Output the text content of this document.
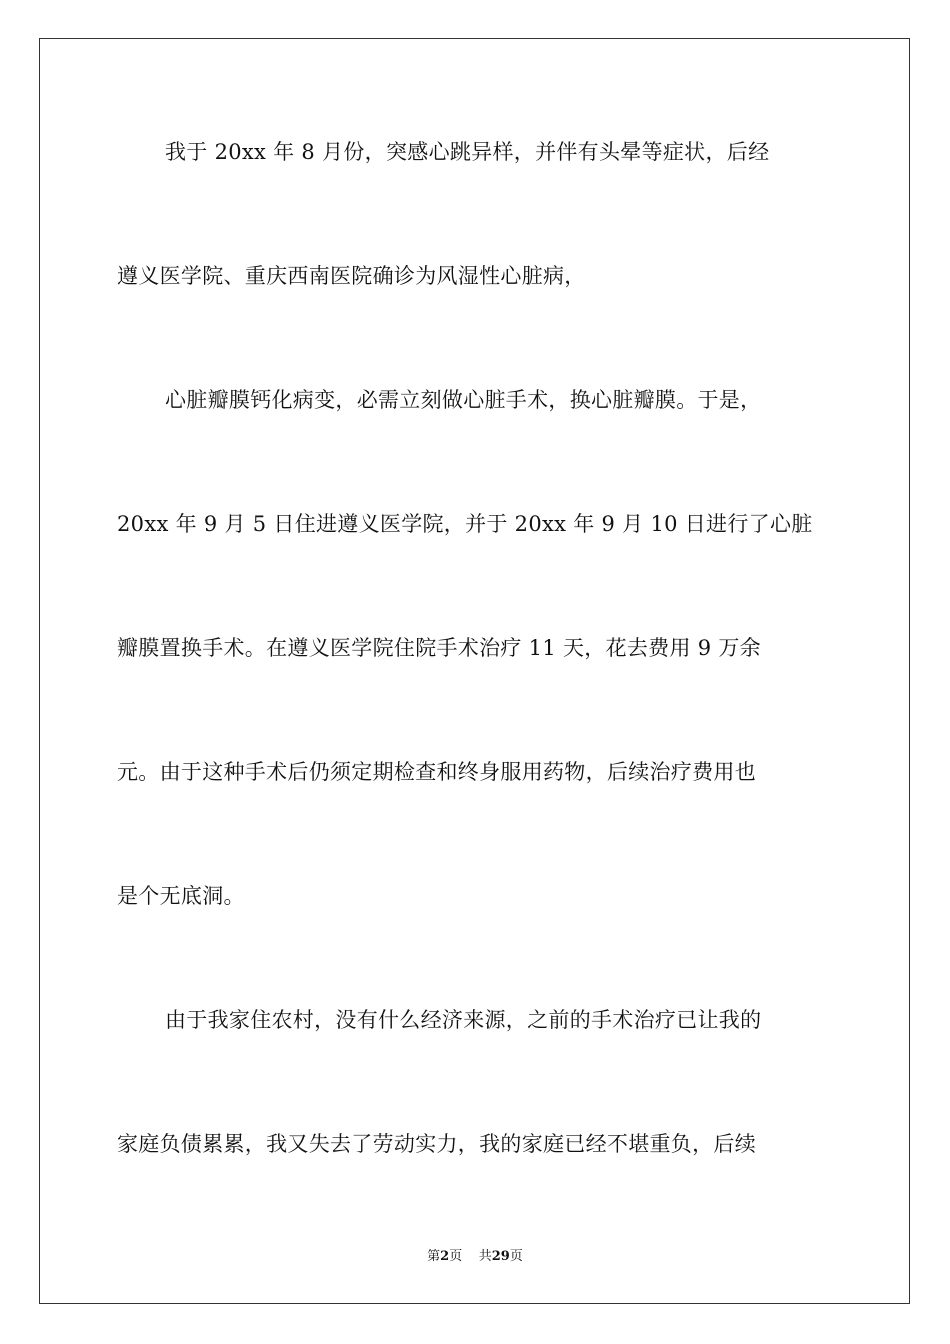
我于 20xx 年 8 月份，突感心跳异样，并伴有头晕等症状，后经
遵义医学院、重庆西南医院确诊为风湿性心脏病，
心脏瓣膜钙化病变，必需立刻做心脏手术，换心脏瓣膜。于是，
20xx 年 9 月 5 日住进遵义医学院，并于 20xx 年 9 月 10 日进行了心脏
瓣膜置换手术。在遵义医学院住院手术治疗 11 天，花去费用 9 万余
元。由于这种手术后仍须定期检查和终身服用药物，后续治疗费用也
是个无底洞。
由于我家住农村，没有什么经济来源，之前的手术治疗已让我的
家庭负债累累，我又失去了劳动实力，我的家庭已经不堪重负，后续
第2页 共29页
